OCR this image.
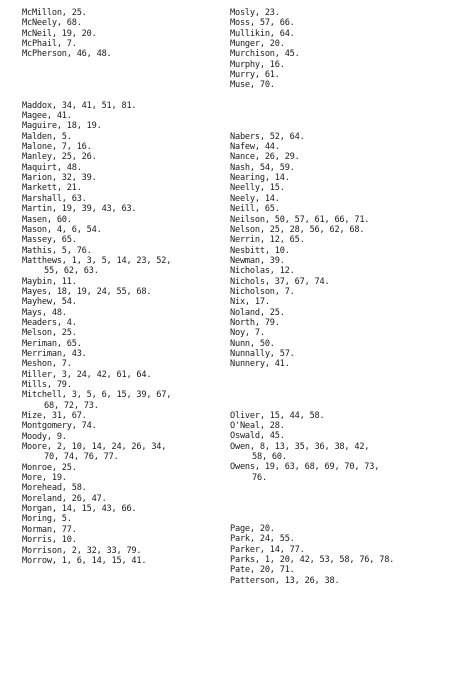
McMillon, 25.
McNeely, 68.
McNeil, 19, 20.
McPhail, 7.
McPherson, 46, 48.
Maddox, 34, 41, 51, 81.
Magee, 41.
Maguire, 18, 19.
Malden, 5.
Malone, 7, 16.
Manley, 25, 26.
Maquirt, 48.
Marion, 32, 39.
Markett, 21.
Marshall, 63.
Martin, 19, 39, 43, 63.
Masen, 60.
Mason, 4, 6, 54.
Massey, 65.
Mathis, 5, 76.
Matthews, 1, 3, 5, 14, 23, 52,
55, 62, 63.
Maybin, 11.
Mayes, 18, 19, 24, 55, 68.
Mayhew, 54.
Mays, 48.
Meaders, 4.
Melson, 25.
Meriman, 65.
Merriman, 43.
Meshon, 7.
Miller, 3, 24, 42, 61, 64.
Mills, 79.
Mitchell, 3, 5, 6, 15, 39, 67,
68, 72, 73.
Mize, 31, 67.
Montgomery, 74.
Moody, 9.
Moore, 2, 10, 14, 24, 26, 34,
70, 74, 76, 77.
Monroe, 25.
More, 19.
Morehead, 58.
Moreland, 26, 47.
Morgan, 14, 15, 43, 66.
Moring, 5.
Morman, 77.
Morris, 10.
Morrison, 2, 32, 33, 79.
Morrow, 1, 6, 14, 15, 41.
Mosly, 23.
Moss, 57, 66.
Mullikin, 64.
Munger, 20.
Murchison, 45.
Murphy, 16.
Murry, 61.
Muse, 70.
Nabers, 52, 64.
Nafew, 44.
Nance, 26, 29.
Nash, 54, 59.
Nearing, 14.
Neelly, 15.
Neely, 14.
Neill, 65.
Neilson, 50, 57, 61, 66, 71.
Nelson, 25, 28, 56, 62, 68.
Nerrin, 12, 65.
Nesbitt, 10.
Newman, 39.
Nicholas, 12.
Nichols, 37, 67, 74.
Nicholson, 7.
Nix, 17.
Noland, 25.
North, 79.
Noy, 7.
Nunn, 50.
Nunnally, 57.
Nunnery, 41.
Oliver, 15, 44, 58.
O'Neal, 28.
Oswald, 45.
Owen, 8, 13, 35, 36, 38, 42,
58, 60.
Owens, 19, 63, 68, 69, 70, 73,
76.
Page, 20.
Park, 24, 55.
Parker, 14, 77.
Parks, 1, 20, 42, 53, 58, 76, 78.
Pate, 20, 71.
Patterson, 13, 26, 38.
